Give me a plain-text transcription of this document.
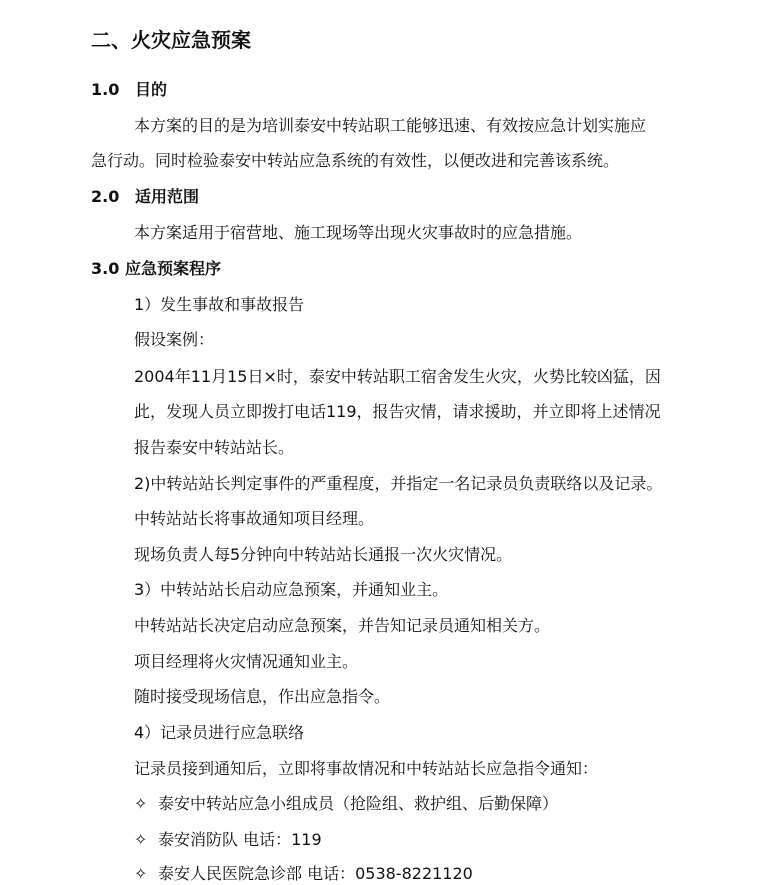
二、火灾应急预案
1.0 目的
本方案的目的是为培训泰安中转站职工能够迅速、有效按应急计划实施应
急行动。同时检验泰安中转站应急系统的有效性，以便改进和完善该系统。
2.0 适用范围
本方案适用于宿营地、施工现场等出现火灾事故时的应急措施。
3.0 应急预案程序
1）发生事故和事故报告
假设案例：
2004年11月15日×时，泰安中转站职工宿舍发生火灾，火势比较凶猛，因
此，发现人员立即拨打电话119，报告灾情，请求援助，并立即将上述情况
报告泰安中转站站长。
2)中转站站长判定事件的严重程度，并指定一名记录员负责联络以及记录。
中转站站长将事故通知项目经理。
现场负责人每5分钟向中转站站长通报一次火灾情况。
3）中转站站长启动应急预案，并通知业主。
中转站站长决定启动应急预案，并告知记录员通知相关方。
项目经理将火灾情况通知业主。
随时接受现场信息，作出应急指令。
4）记录员进行应急联络
记录员接到通知后，立即将事故情况和中转站站长应急指令通知：
✧ 泰安中转站应急小组成员（抢险组、救护组、后勤保障）
✧ 泰安消防队 电话：119
✧ 泰安人民医院急诊部 电话：0538-8221120
